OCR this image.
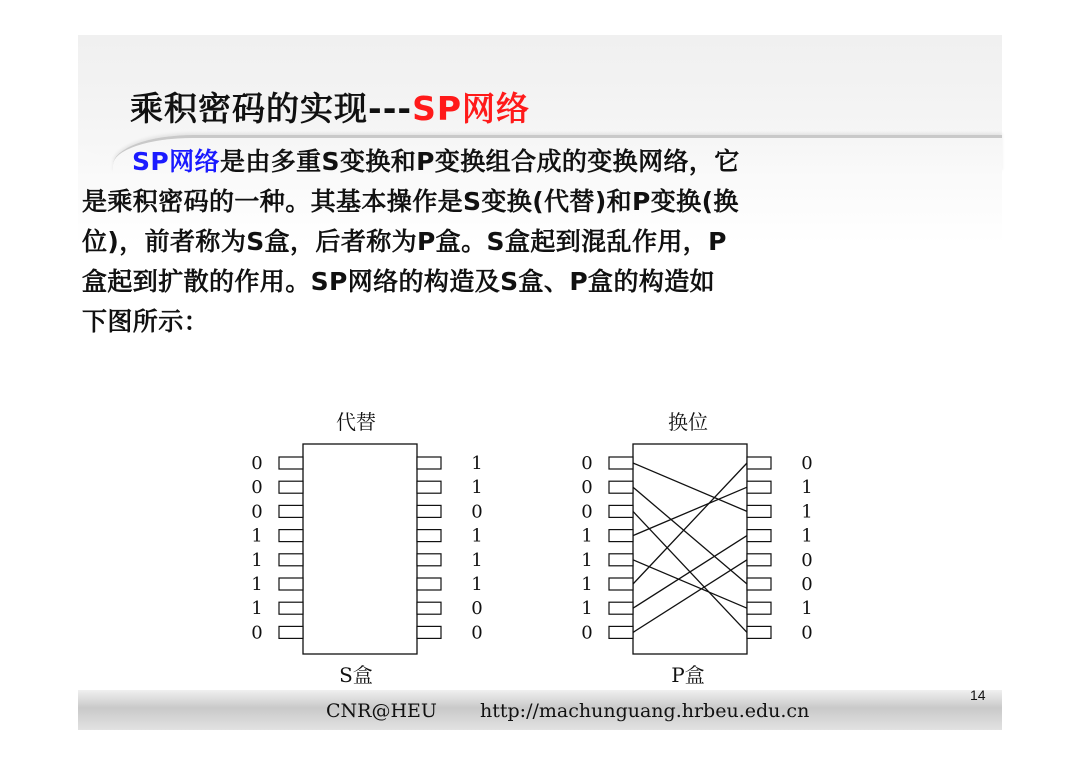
乘积密码的实现---SP网络
SP网络是由多重S变换和P变换组合成的变换网络，它
是乘积密码的一种。其基本操作是S变换(代替)和P变换(换
位)，前者称为S盒，后者称为P盒。S盒起到混乱作用，P
盒起到扩散的作用。SP网络的构造及S盒、P盒的构造如
下图所示：
代替
S盒
0
0
0
1
1
1
1
0
1
1
0
1
1
1
0
0
换位
P盒
0
0
0
1
1
1
1
0
0
1
1
1
0
0
1
0
CNR@HEU http://machunguang.hrbeu.edu.cn
14
